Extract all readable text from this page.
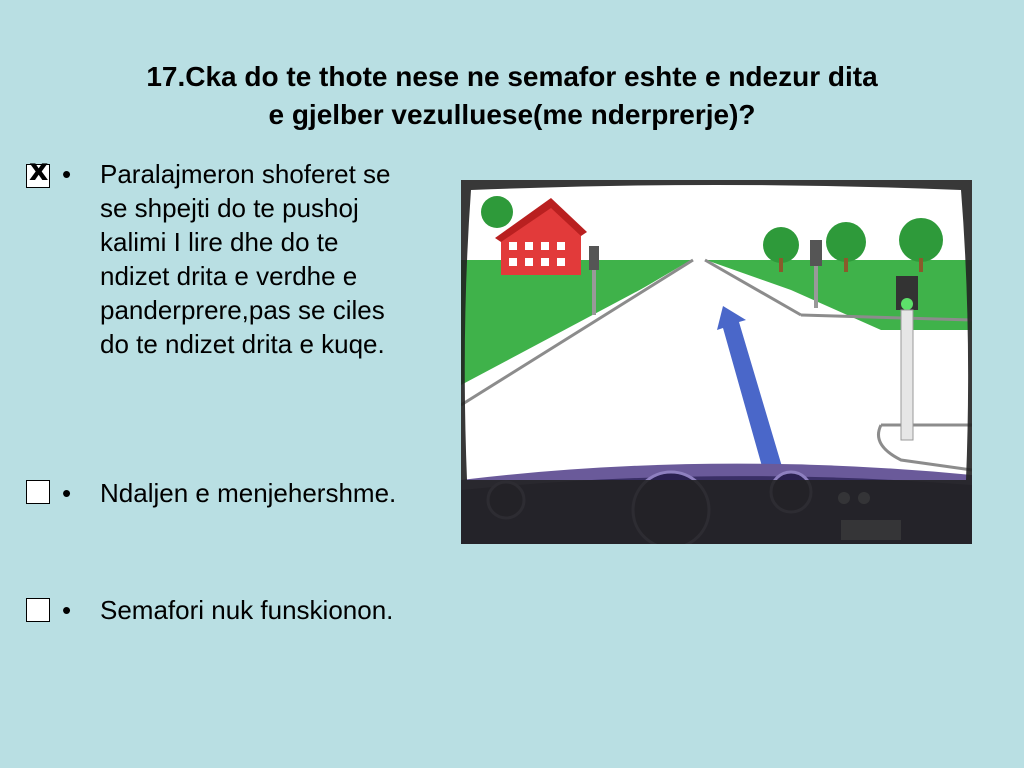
17.Cka do te thote nese ne semafor eshte e ndezur dita
e gjelber vezulluese(me nderprerje)?
x • Paralajmeron shoferet se se shpejti do te pushoj kalimi I lire dhe do te ndizet drita e verdhe e panderprere,pas se ciles do te ndizet drita e kuqe.
• Ndaljen e menjehershme.
• Semafori nuk funskionon.
